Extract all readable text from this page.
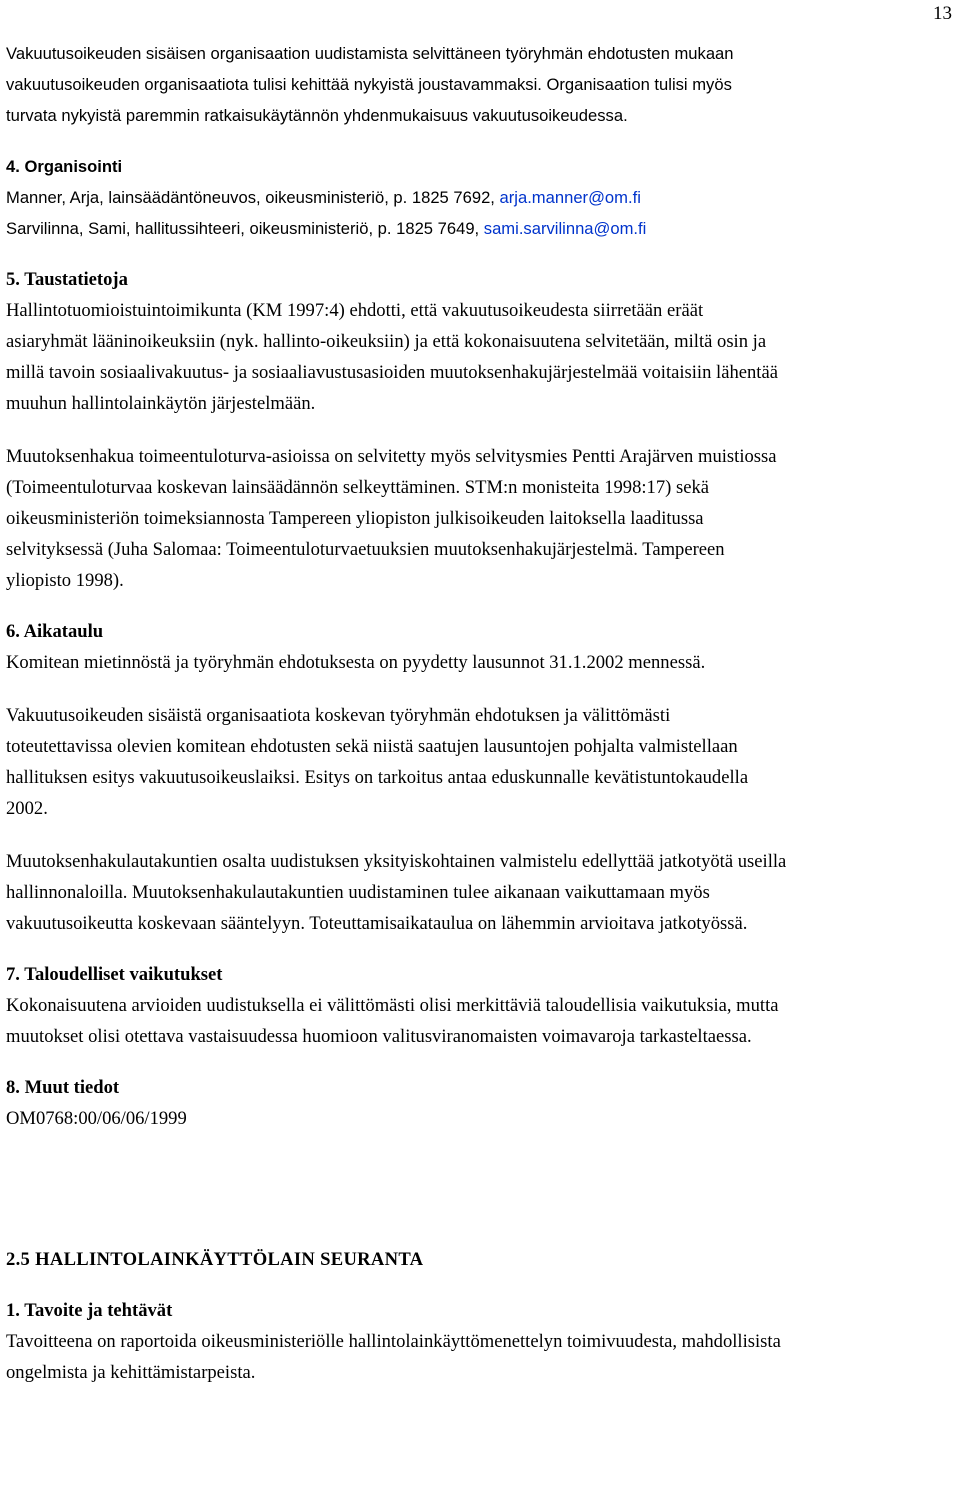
13

Vakuutusoikeuden sisäisen organisaation uudistamista selvittäneen työryhmän ehdotusten mukaan
vakuutusoikeuden organisaatiota tulisi kehittää nykyistä joustavammaksi. Organisaation tulisi myös
turvata nykyistä paremmin ratkaisukäytännön yhdenmukaisuus vakuutusoikeudessa.

4. Organisointi

Manner, Arja, lainsäädäntöneuvos, oikeusministeriö, p. 1825 7692, arja.manner@om.fi
Sarvilinna, Sami, hallitussihteeri, oikeusministeriö, p. 1825 7649, sami.sarvilinna@om.fi

5. Taustatietoja

Hallintotuomioistuintoimikunta (KM 1997:4) ehdotti, että vakuutusoikeudesta siirretään eräät
asiaryhmät lääninoikeuksiin (nyk. hallinto-oikeuksiin) ja että kokonaisuutena selvitetään, miltä osin ja
millä tavoin sosiaalivakuutus- ja sosiaaliavustusasioiden muutoksenhakujärjestelmää voitaisiin lähentää
muuhun hallintolainkäytön järjestelmään.

Muutoksenhakua toimeentuloturva-asioissa on selvitetty myös selvitysmies Pentti Arajärven muistiossa
(Toimeentuloturvaa koskevan lainsäädännön selkeyttäminen. STM:n monisteita 1998:17) sekä
oikeusministeriön toimeksiannosta Tampereen yliopiston julkisoikeuden laitoksella laaditussa
selvityksessä (Juha Salomaa: Toimeentuloturvaetuuksien muutoksenhakujärjestelmä. Tampereen
yliopisto 1998).

6. Aikataulu

Komitean mietinnöstä ja työryhmän ehdotuksesta on pyydetty lausunnot 31.1.2002 mennessä.

Vakuutusoikeuden sisäistä organisaatiota koskevan työryhmän ehdotuksen ja välittömästi
toteutettavissa olevien komitean ehdotusten sekä niistä saatujen lausuntojen pohjalta valmistellaan
hallituksen esitys vakuutusoikeuslaiksi. Esitys on tarkoitus antaa eduskunnalle kevätistuntokaudella
2002.

Muutoksenhakulautakuntien osalta uudistuksen yksityiskohtainen valmistelu edellyttää jatkotyötä useilla
hallinnonaloilla. Muutoksenhakulautakuntien uudistaminen tulee aikanaan vaikuttamaan myös
vakuutusoikeutta koskevaan sääntelyyn. Toteuttamisaikataulua on lähemmin arvioitava jatkotyössä.

7. Taloudelliset vaikutukset

Kokonaisuutena arvioiden uudistuksella ei välittömästi olisi merkittäviä taloudellisia vaikutuksia, mutta
muutokset olisi otettava vastaisuudessa huomioon valitusviranomaisten voimavaroja tarkasteltaessa.

8. Muut tiedot

OM0768:00/06/06/1999

2.5 HALLINTOLAINKÄYTTÖLAIN SEURANTA
1. Tavoite ja tehtävät

Tavoitteena on raportoida oikeusministeriölle hallintolainkäyttömenettelyn toimivuudesta, mahdollisista
ongelmista ja kehittämistarpeista.
